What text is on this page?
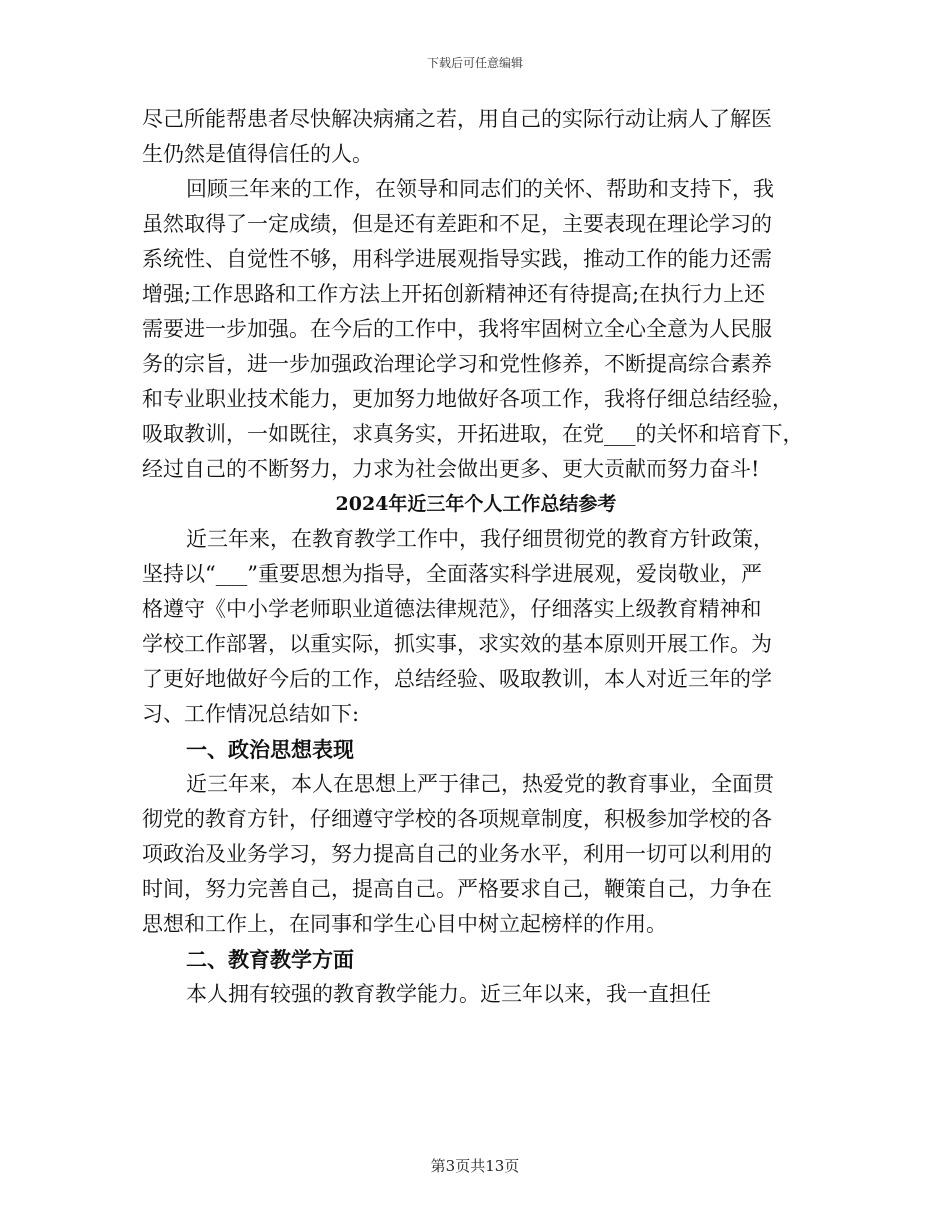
下载后可任意编辑
尽己所能帮患者尽快解决病痛之若，用自己的实际行动让病人了解医
生仍然是值得信任的人。
回顾三年来的工作，在领导和同志们的关怀、帮助和支持下，我
虽然取得了一定成绩，但是还有差距和不足，主要表现在理论学习的
系统性、自觉性不够，用科学进展观指导实践，推动工作的能力还需
增强;工作思路和工作方法上开拓创新精神还有待提高;在执行力上还
需要进一步加强。在今后的工作中，我将牢固树立全心全意为人民服
务的宗旨，进一步加强政治理论学习和党性修养，不断提高综合素养
和专业职业技术能力，更加努力地做好各项工作，我将仔细总结经验，
吸取教训，一如既往，求真务实，开拓进取，在党___的关怀和培育下，
经过自己的不断努力，力求为社会做出更多、更大贡献而努力奋斗!
2024年近三年个人工作总结参考
近三年来，在教育教学工作中，我仔细贯彻党的教育方针政策，
坚持以“___”重要思想为指导，全面落实科学进展观，爱岗敬业，严
格遵守《中小学老师职业道德法律规范》，仔细落实上级教育精神和
学校工作部署，以重实际，抓实事，求实效的基本原则开展工作。为
了更好地做好今后的工作，总结经验、吸取教训，本人对近三年的学
习、工作情况总结如下:
一、政治思想表现
近三年来，本人在思想上严于律己，热爱党的教育事业，全面贯
彻党的教育方针，仔细遵守学校的各项规章制度，积极参加学校的各
项政治及业务学习，努力提高自己的业务水平，利用一切可以利用的
时间，努力完善自己，提高自己。严格要求自己，鞭策自己，力争在
思想和工作上，在同事和学生心目中树立起榜样的作用。
二、教育教学方面
本人拥有较强的教育教学能力。近三年以来，我一直担任
第3页共13页
